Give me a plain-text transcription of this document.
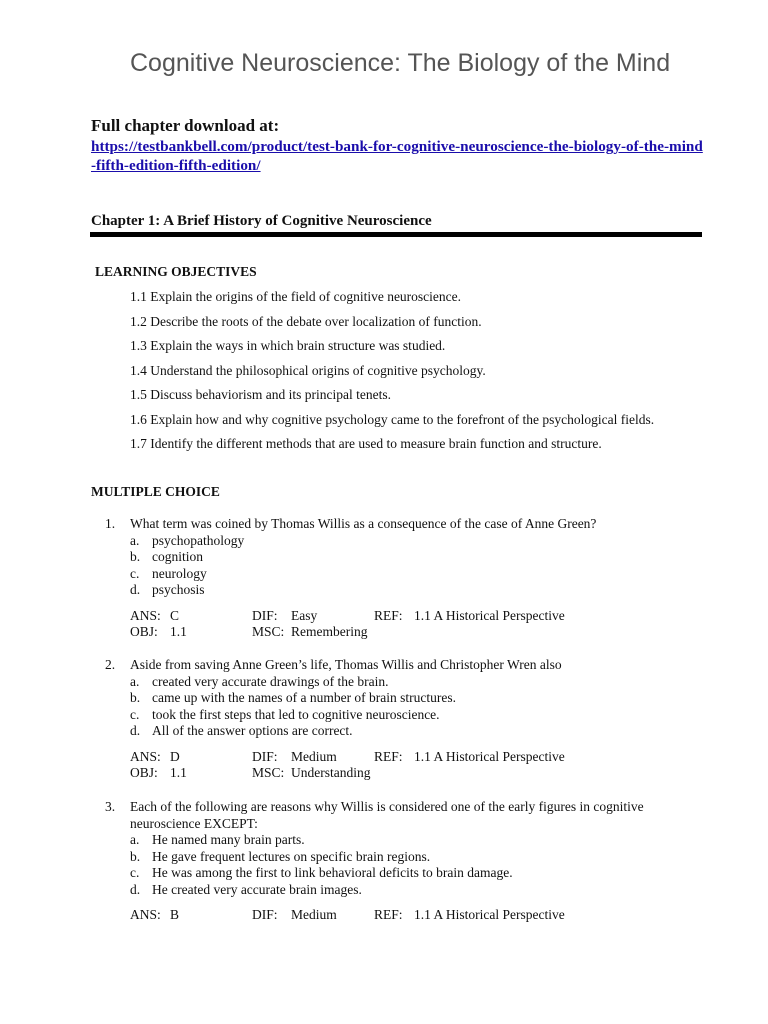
Cognitive Neuroscience: The Biology of the Mind
Full chapter download at:
https://testbankbell.com/product/test-bank-for-cognitive-neuroscience-the-biology-of-the-mind-fifth-edition-fifth-edition/
Chapter 1: A Brief History of Cognitive Neuroscience
LEARNING OBJECTIVES
1.1 Explain the origins of the field of cognitive neuroscience.
1.2 Describe the roots of the debate over localization of function.
1.3 Explain the ways in which brain structure was studied.
1.4 Understand the philosophical origins of cognitive psychology.
1.5 Discuss behaviorism and its principal tenets.
1.6 Explain how and why cognitive psychology came to the forefront of the psychological fields.
1.7 Identify the different methods that are used to measure brain function and structure.
MULTIPLE CHOICE
1.	What term was coined by Thomas Willis as a consequence of the case of Anne Green?
a. psychopathology
b. cognition
c. neurology
d. psychosis
ANS: C	DIF: Easy	REF: 1.1 A Historical Perspective
OBJ: 1.1	MSC: Remembering
2.	Aside from saving Anne Green’s life, Thomas Willis and Christopher Wren also
a. created very accurate drawings of the brain.
b. came up with the names of a number of brain structures.
c. took the first steps that led to cognitive neuroscience.
d. All of the answer options are correct.
ANS: D	DIF: Medium	REF: 1.1 A Historical Perspective
OBJ: 1.1	MSC: Understanding
3.	Each of the following are reasons why Willis is considered one of the early figures in cognitive neuroscience EXCEPT:
a. He named many brain parts.
b. He gave frequent lectures on specific brain regions.
c. He was among the first to link behavioral deficits to brain damage.
d. He created very accurate brain images.
ANS: B	DIF: Medium	REF: 1.1 A Historical Perspective
